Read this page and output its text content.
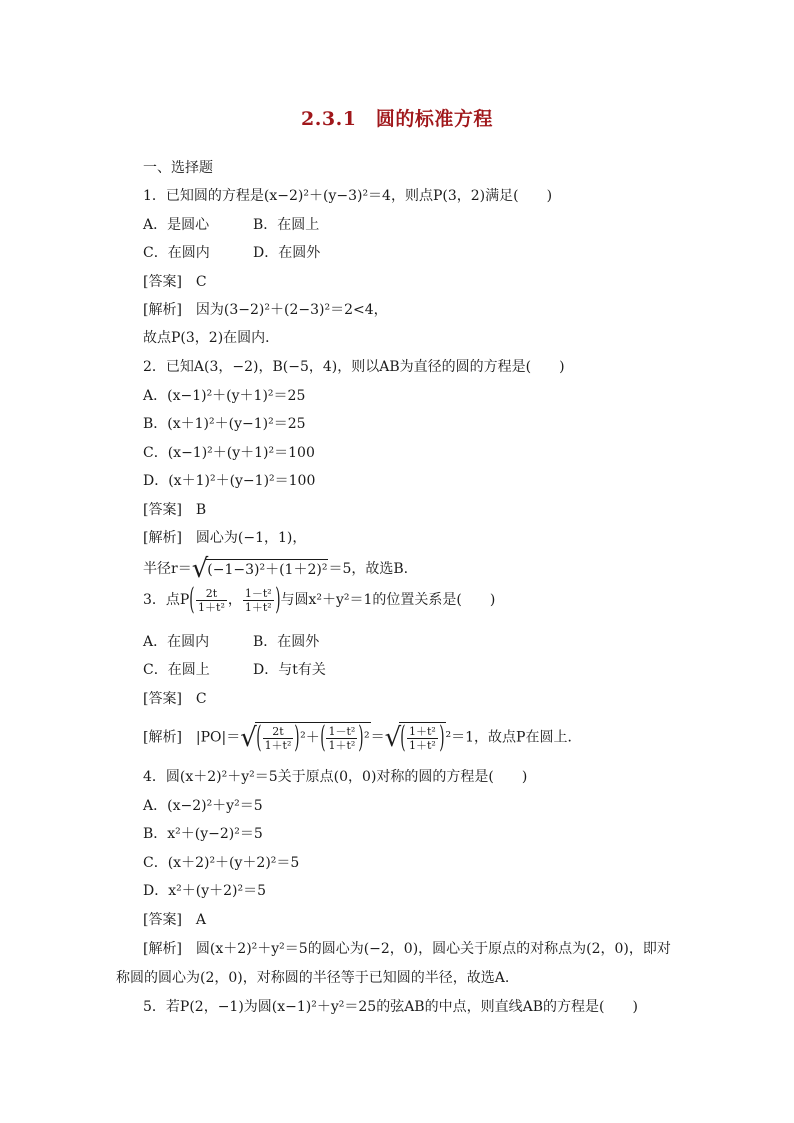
2.3.1　圆的标准方程
一、选择题
1．已知圆的方程是(x−2)²＋(y−3)²＝4，则点P(3，2)满足(　　)
A．是圆心	B．在圆上
C．在圆内	D．在圆外
[答案]　C
[解析]　因为(3−2)²＋(2−3)²＝2<4，
故点P(3，2)在圆内．
2．已知A(3，−2)，B(−5，4)，则以AB为直径的圆的方程是(　　)
A．(x−1)²＋(y＋1)²＝25
B．(x＋1)²＋(y−1)²＝25
C．(x−1)²＋(y＋1)²＝100
D．(x＋1)²＋(y−1)²＝100
[答案]　B
[解析]　圆心为(−1，1)，
半径r＝√(−1−3)²＋(1＋2)²＝5，故选B.
3．点$P( \frac{2t}{\text{1＋t²}}$ ， $\frac{\text{1－t²}}{\text{1＋t²}}$ )与圆x²＋y²＝1的位置关系是(　　)
A．在圆内	B．在圆外
C．在圆上	D．与t有关
[答案]　C
[解析]　$|PO|=√( \frac{2t}{\text{1＋t²}} )^2+( \frac{\text{1－t²}}{\text{1＋t²}} )^2=√( \frac{\text{1＋t²}}{\text{1＋t²}} )^2=1$，故点P在圆上．
4．圆(x＋2)²＋y²＝5关于原点(0，0)对称的圆的方程是(　　)
A．(x−2)²＋y²＝5
B．x²＋(y−2)²＝5
C．(x＋2)²＋(y＋2)²＝5
D．x²＋(y＋2)²＝5
[答案]　A
[解析]　圆(x＋2)²＋y²＝5的圆心为(−2，0)，圆心关于原点的对称点为(2，0)，即对
称圆的圆心为(2，0)，对称圆的半径等于已知圆的半径，故选A.
5．若P(2，−1)为圆(x−1)²＋y²＝25的弦AB的中点，则直线AB的方程是(　　)
